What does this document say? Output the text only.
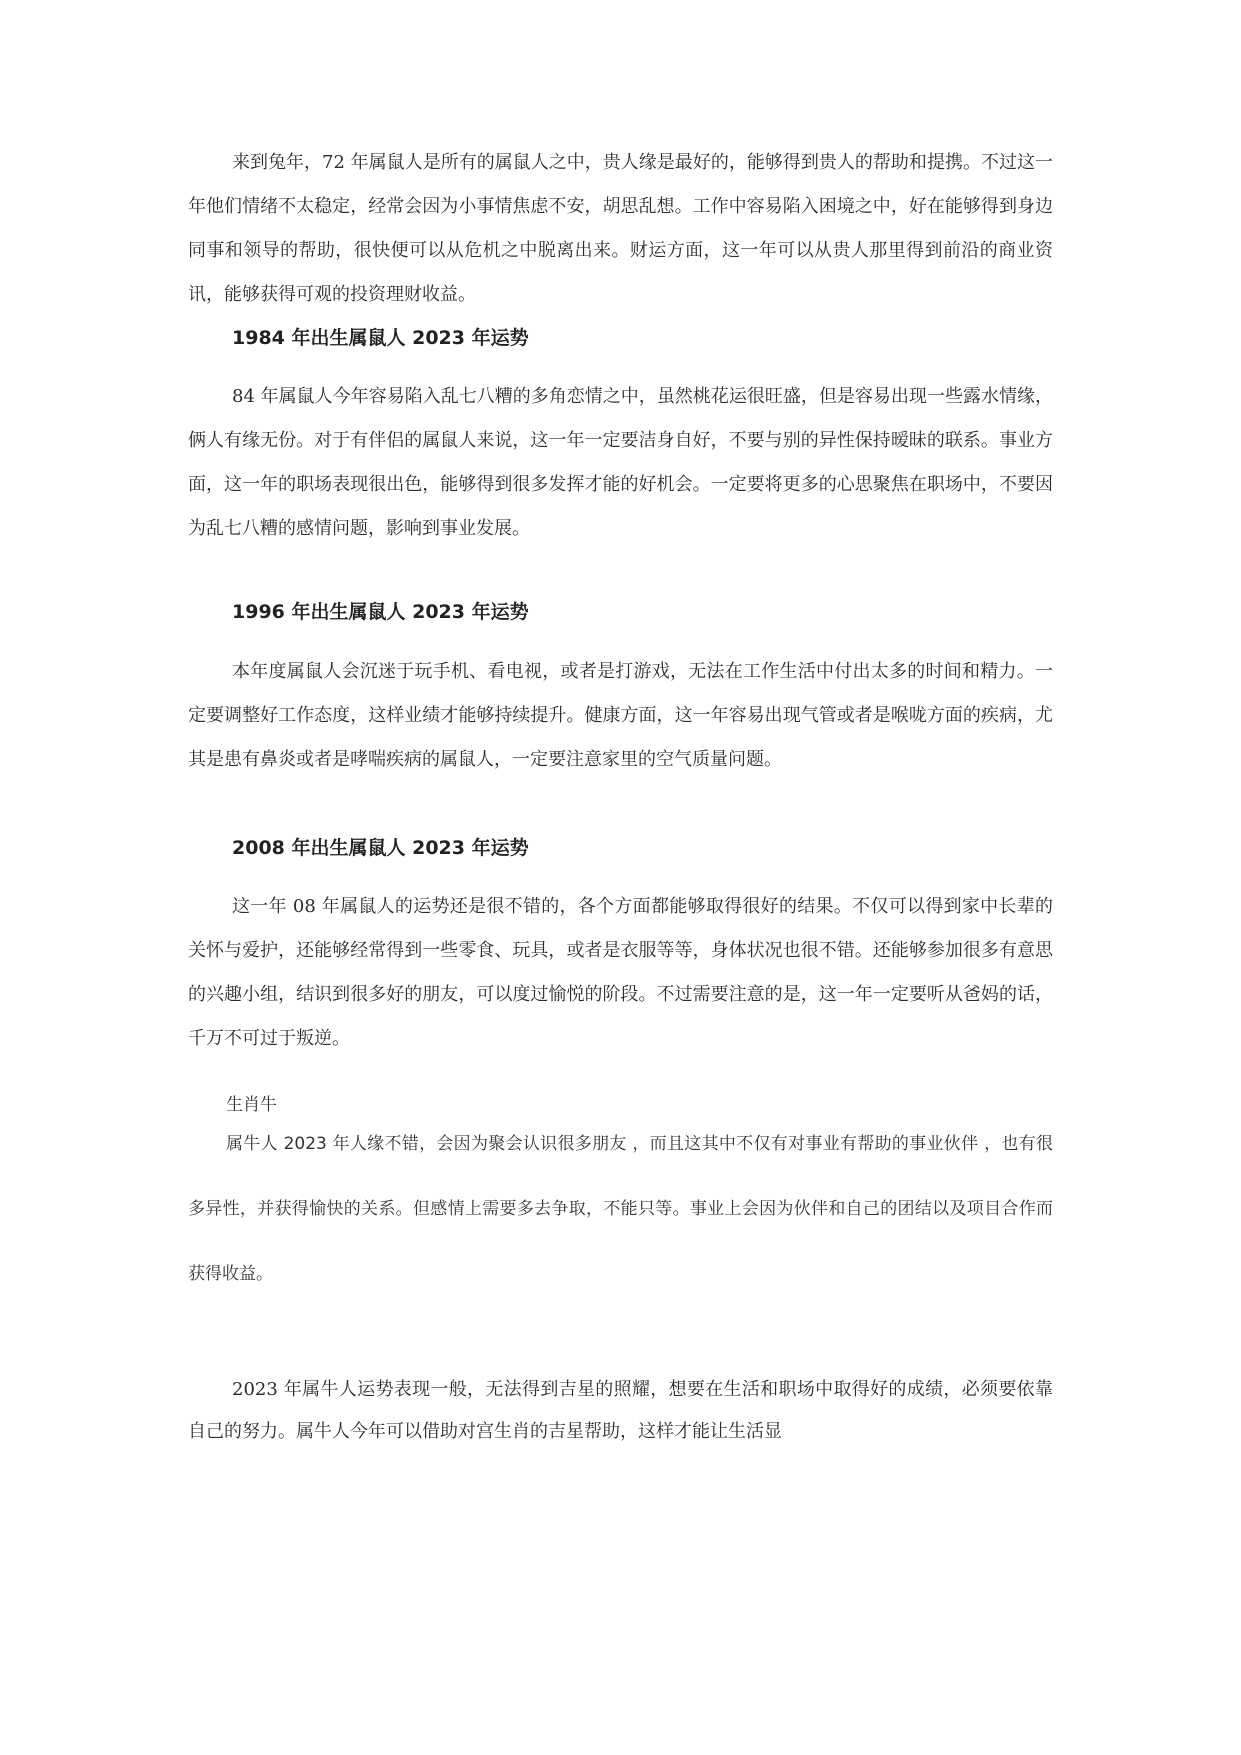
来到兔年，72 年属鼠人是所有的属鼠人之中，贵人缘是最好的，能够得到贵人的帮助和提携。不过这一年他们情绪不太稳定，经常会因为小事情焦虑不安，胡思乱想。工作中容易陷入困境之中，好在能够得到身边同事和领导的帮助，很快便可以从危机之中脱离出来。财运方面，这一年可以从贵人那里得到前沿的商业资讯，能够获得可观的投资理财收益。

1984 年出生属鼠人 2023 年运势

84 年属鼠人今年容易陷入乱七八糟的多角恋情之中，虽然桃花运很旺盛，但是容易出现一些露水情缘，俩人有缘无份。对于有伴侣的属鼠人来说，这一年一定要洁身自好，不要与别的异性保持暧昧的联系。事业方面，这一年的职场表现很出色，能够得到很多发挥才能的好机会。一定要将更多的心思聚焦在职场中，不要因为乱七八糟的感情问题，影响到事业发展。

1996 年出生属鼠人 2023 年运势

本年度属鼠人会沉迷于玩手机、看电视，或者是打游戏，无法在工作生活中付出太多的时间和精力。一定要调整好工作态度，这样业绩才能够持续提升。健康方面，这一年容易出现气管或者是喉咙方面的疾病，尤其是患有鼻炎或者是哮喘疾病的属鼠人，一定要注意家里的空气质量问题。

2008 年出生属鼠人 2023 年运势

这一年 08 年属鼠人的运势还是很不错的，各个方面都能够取得很好的结果。不仅可以得到家中长辈的关怀与爱护，还能够经常得到一些零食、玩具，或者是衣服等等，身体状况也很不错。还能够参加很多有意思的兴趣小组，结识到很多好的朋友，可以度过愉悦的阶段。不过需要注意的是，这一年一定要听从爸妈的话，千万不可过于叛逆。

生肖牛

属牛人 2023 年人缘不错，会因为聚会认识很多朋友 ，而且这其中不仅有对事业有帮助的事业伙伴 ，也有很多异性，并获得愉快的关系。但感情上需要多去争取，不能只等。事业上会因为伙伴和自己的团结以及项目合作而获得收益。

2023 年属牛人运势表现一般，无法得到吉星的照耀，想要在生活和职场中取得好的成绩，必须要依靠自己的努力。属牛人今年可以借助对宫生肖的吉星帮助，这样才能让生活显
